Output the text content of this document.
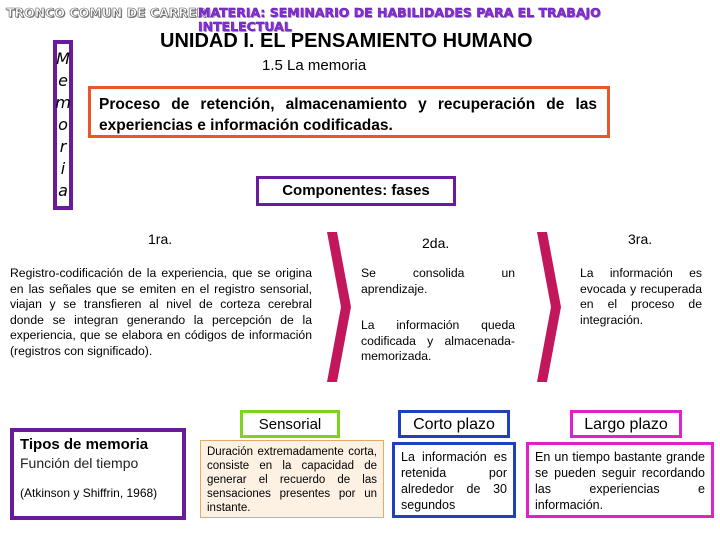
TRONCO COMUN DE CARRERIA
MATERIA: SEMINARIO DE HABILIDADES PARA EL TRABAJO
INTELECTUAL
UNIDAD I. EL PENSAMIENTO HUMANO
1.5 La memoria
M
e
m
o
r
i
a
Proceso de retención, almacenamiento y recuperación de las experiencias e información codificadas.
Componentes: fases
1ra.	2da.	3ra.
Registro-codificación de la experiencia, que se origina en las señales que se emiten en el registro sensorial, viajan y se transfieren al nivel de corteza cerebral donde se integran generando la percepción de la experiencia, que se elabora en códigos de información (registros con significado).
Se consolida un aprendizaje.
La información queda codificada y almacenada-memorizada.
La información es evocada y recuperada en el proceso de integración.
Tipos de memoria
Función del tiempo
(Atkinson y Shiffrin, 1968)
Sensorial
Duración extremadamente corta, consiste en la capacidad de generar el recuerdo de las sensaciones presentes por un instante.
Corto plazo
La información es retenida por alrededor de 30 segundos
Largo plazo
En un tiempo bastante grande se pueden seguir recordando las experiencias e información.
